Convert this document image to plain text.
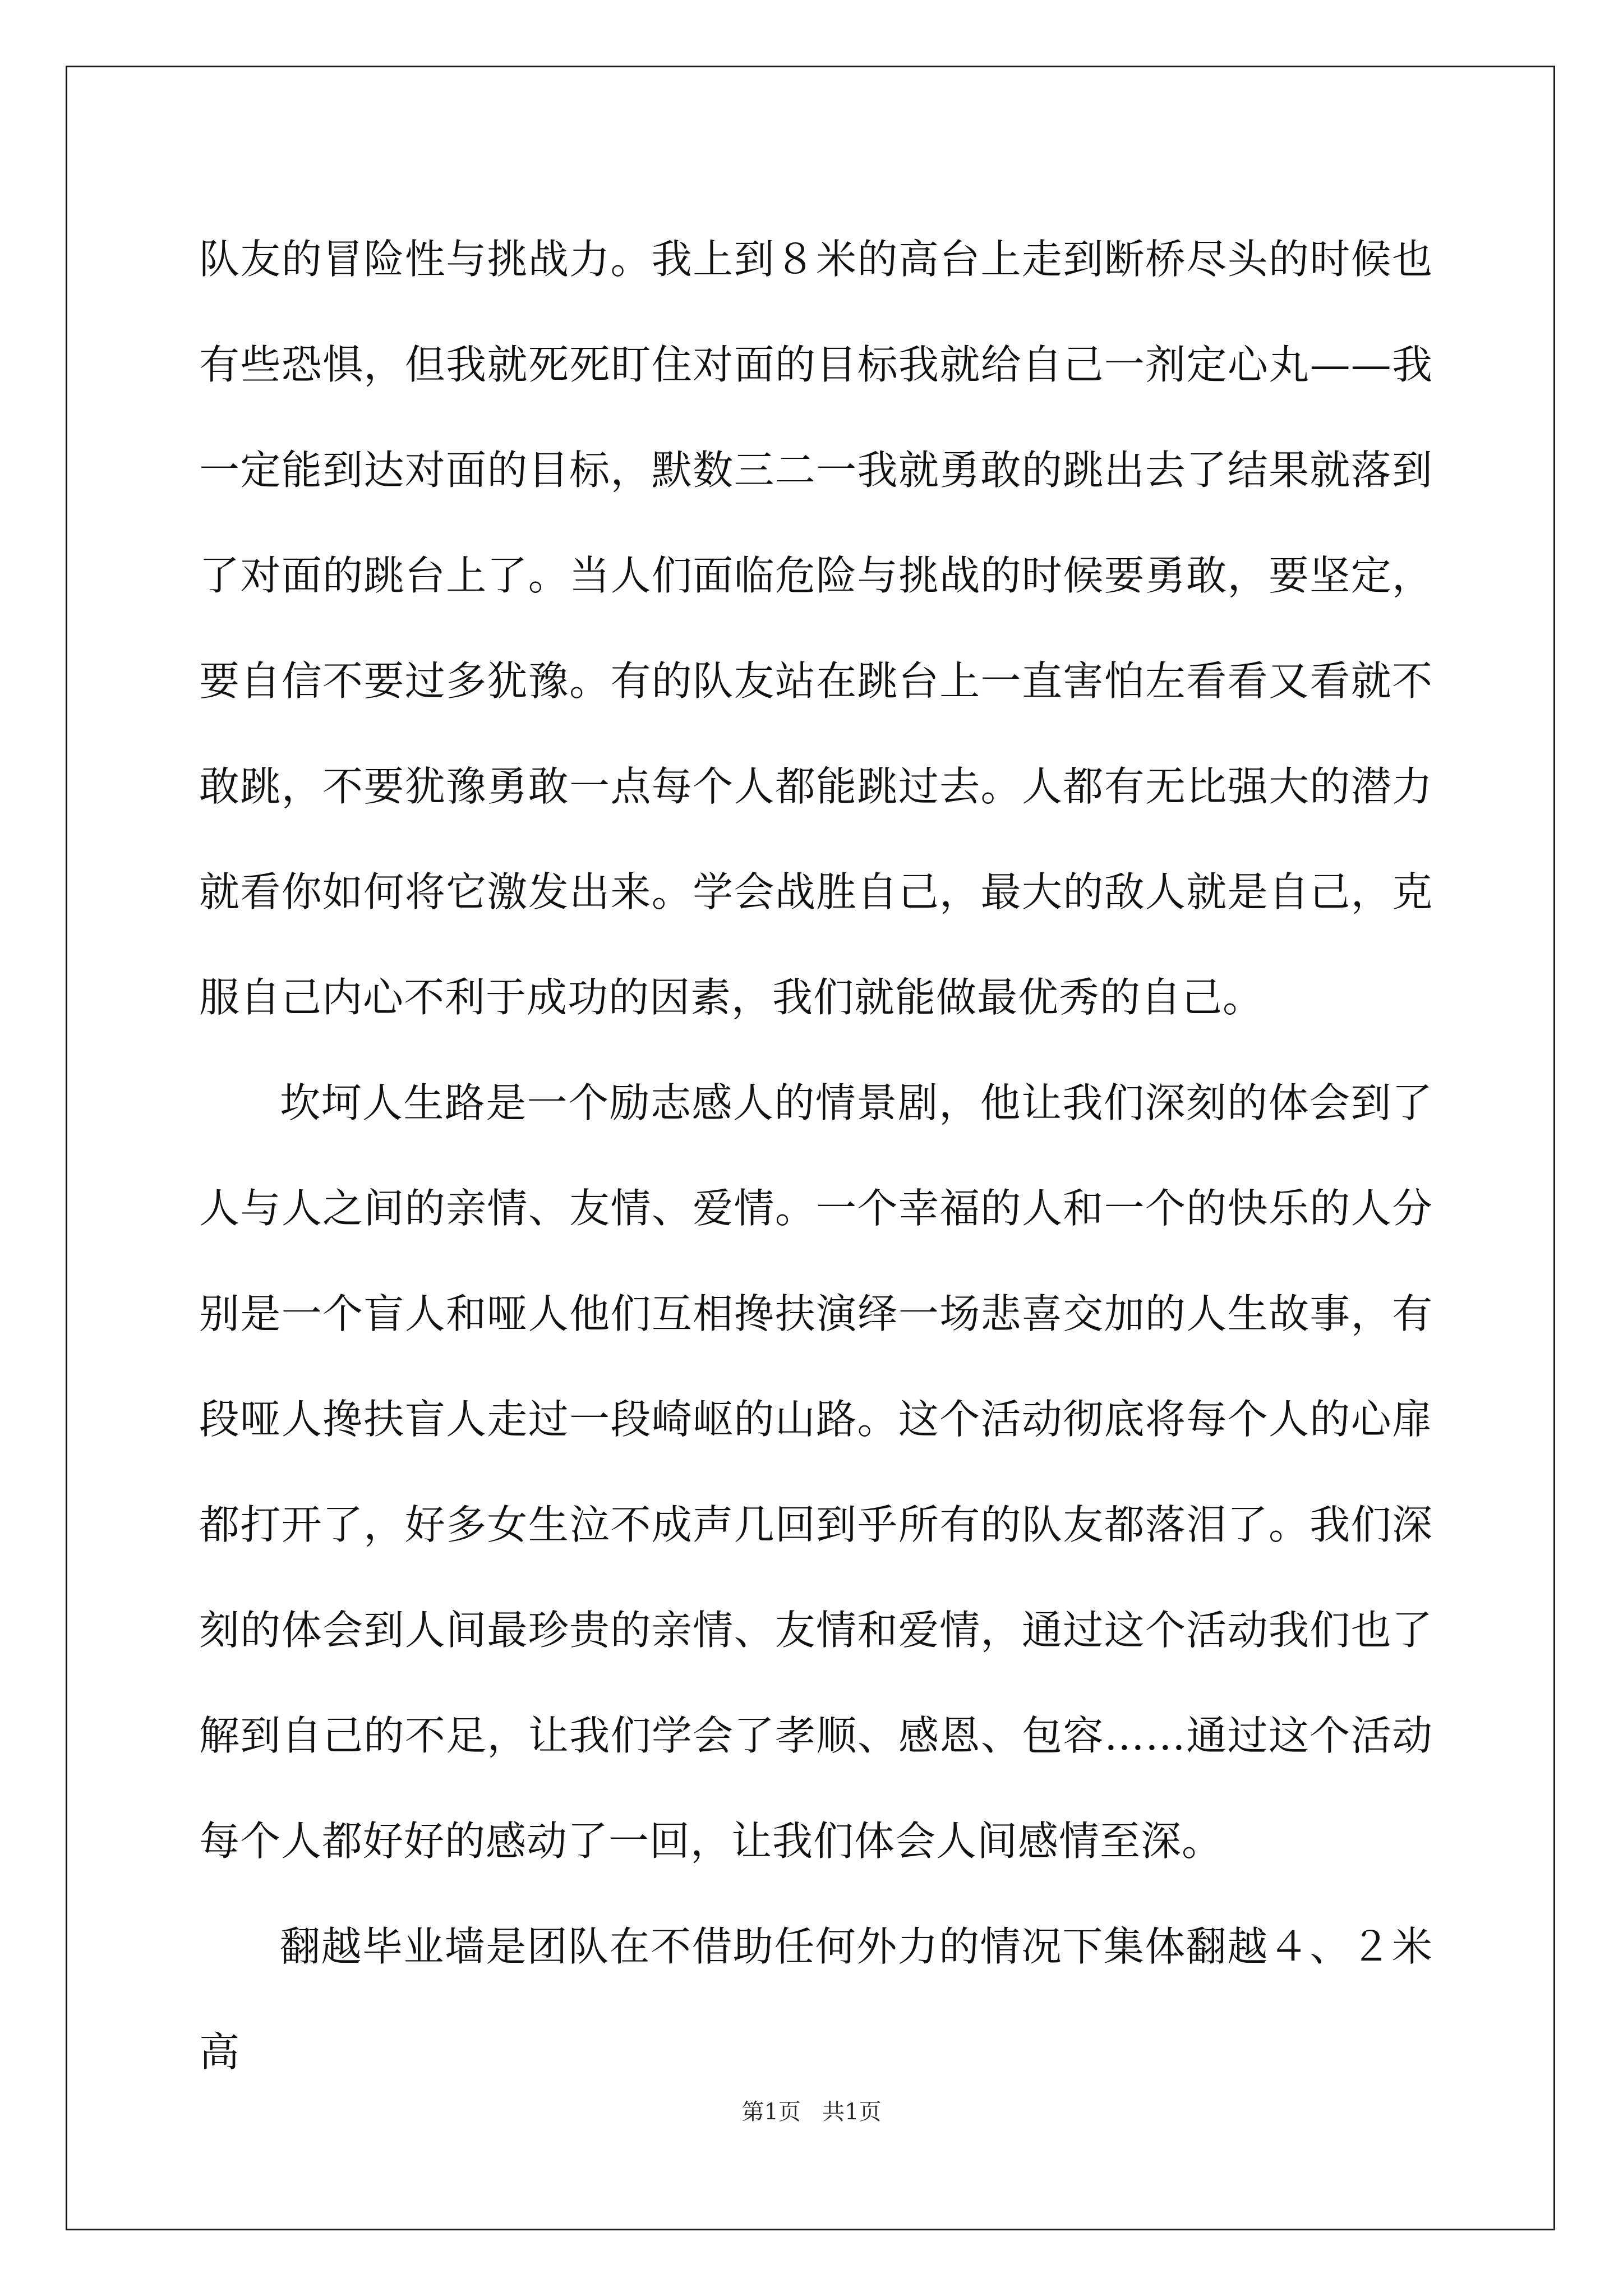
队友的冒险性与挑战力。我上到８米的高台上走到断桥尽头的时候也有些恐惧，但我就死死盯住对面的目标我就给自己一剂定心丸——我一定能到达对面的目标，默数三二一我就勇敢的跳出去了结果就落到了对面的跳台上了。当人们面临危险与挑战的时候要勇敢，要坚定，要自信不要过多犹豫。有的队友站在跳台上一直害怕左看看又看就不敢跳，不要犹豫勇敢一点每个人都能跳过去。人都有无比强大的潜力就看你如何将它激发出来。学会战胜自己，最大的敌人就是自己，克服自己内心不利于成功的因素，我们就能做最优秀的自己。

坎坷人生路是一个励志感人的情景剧，他让我们深刻的体会到了人与人之间的亲情、友情、爱情。一个幸福的人和一个的快乐的人分别是一个盲人和哑人他们互相搀扶演绎一场悲喜交加的人生故事，有段哑人搀扶盲人走过一段崎岖的山路。这个活动彻底将每个人的心扉都打开了，好多女生泣不成声几回到乎所有的队友都落泪了。我们深刻的体会到人间最珍贵的亲情、友情和爱情，通过这个活动我们也了解到自己的不足，让我们学会了孝顺、感恩、包容……通过这个活动每个人都好好的感动了一回，让我们体会人间感情至深。

翻越毕业墙是团队在不借助任何外力的情况下集体翻越４、２米高

第1页 共1页
